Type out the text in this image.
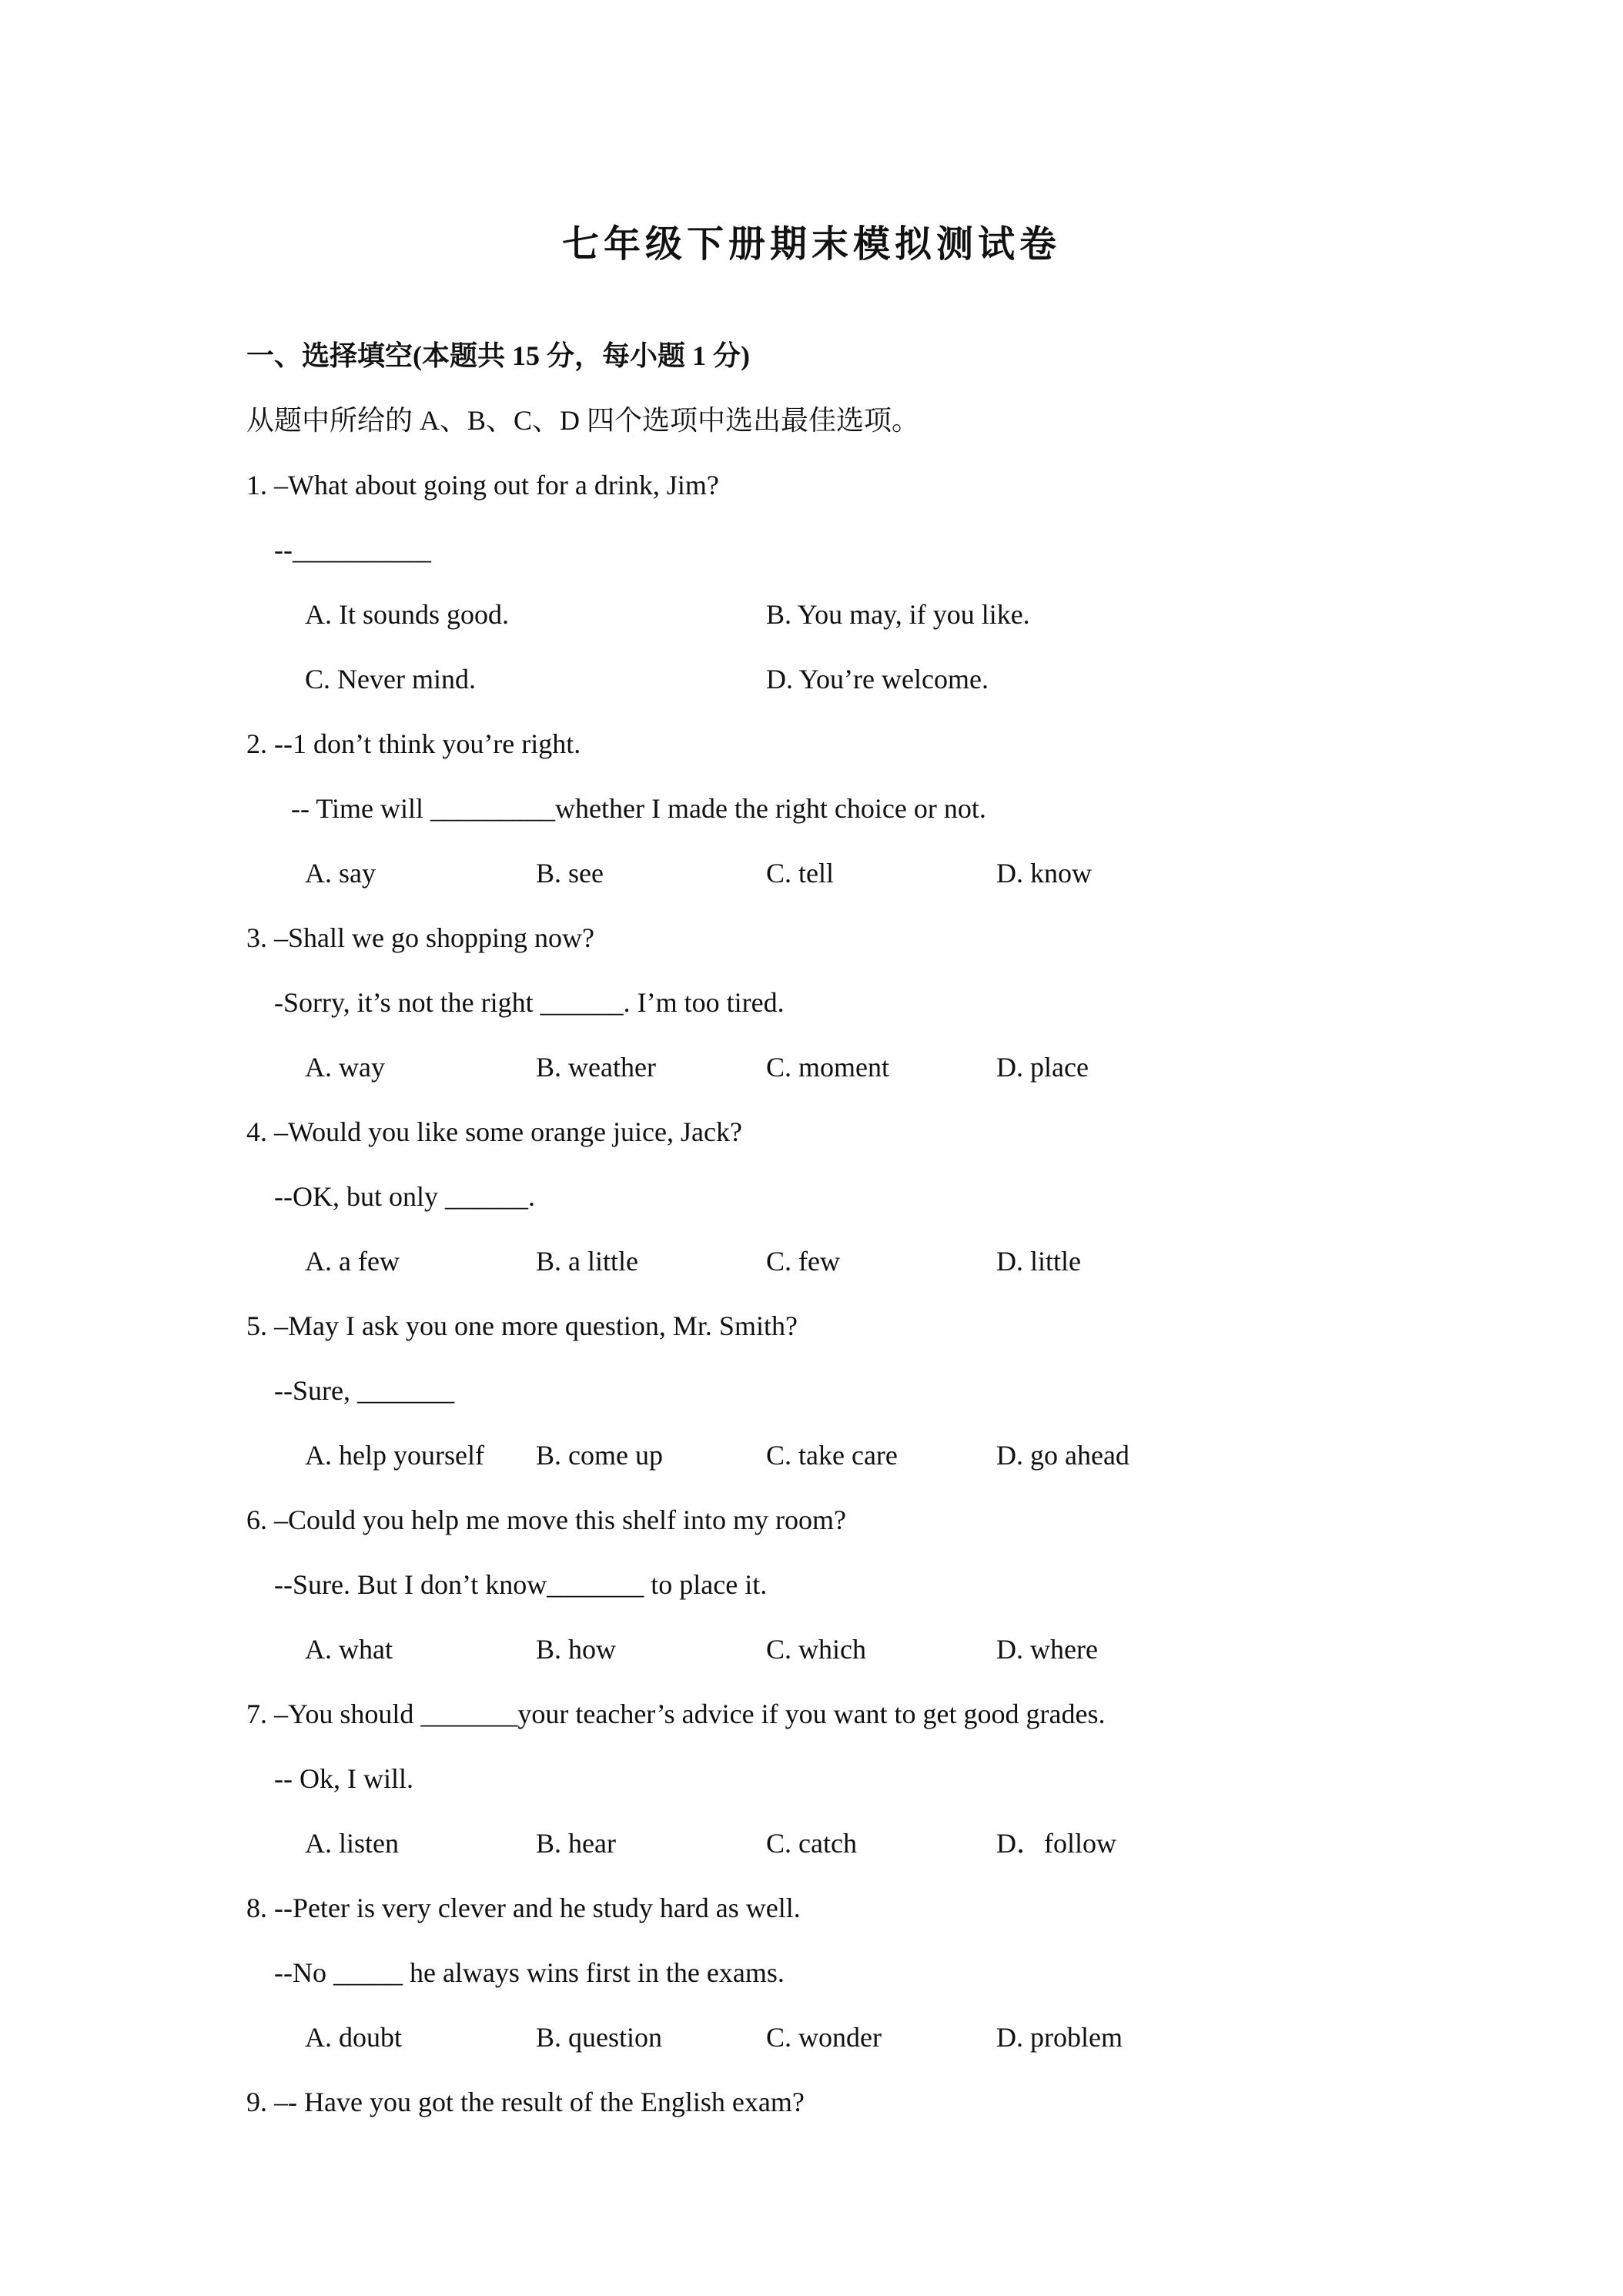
七年级下册期末模拟测试卷
一、选择填空(本题共 15 分，每小题 1 分)
从题中所给的 A、B、C、D 四个选项中选出最佳选项。
1. –What about going out for a drink, Jim?
--__________

A. It sounds good.

	B. You may, if you like.

C. Never mind.

	D. You’re welcome.

2. --1 don’t think you’re right.
-- Time will _________whether I made the right choice or not.

A. say

	B. see

	C. tell

	D. know

3. –Shall we go shopping now?
-Sorry, it’s not the right ______. I’m too tired.

A. way

	B. weather

	C. moment

	D. place

4. –Would you like some orange juice, Jack?
--OK, but only ______.

A. a few

	B. a little

	C. few

	D. little

5. –May I ask you one more question, Mr. Smith?
--Sure, _______

A. help yourself

B. come up

	C. take care

	D. go ahead

6. –Could you help me move this shelf into my room?
--Sure. But I don’t know_______ to place it.

A. what

	B. how

	C. which

	D. where

7. –You should _______your teacher’s advice if you want to get good grades.
-- Ok, I will.

A. listen

	B. hear

	C. catch

	D．follow

8. --Peter is very clever and he study hard as well.
--No _____ he always wins first in the exams.

A. doubt

	B. question

	C. wonder

	D. problem

9. –- Have you got the result of the English exam?
